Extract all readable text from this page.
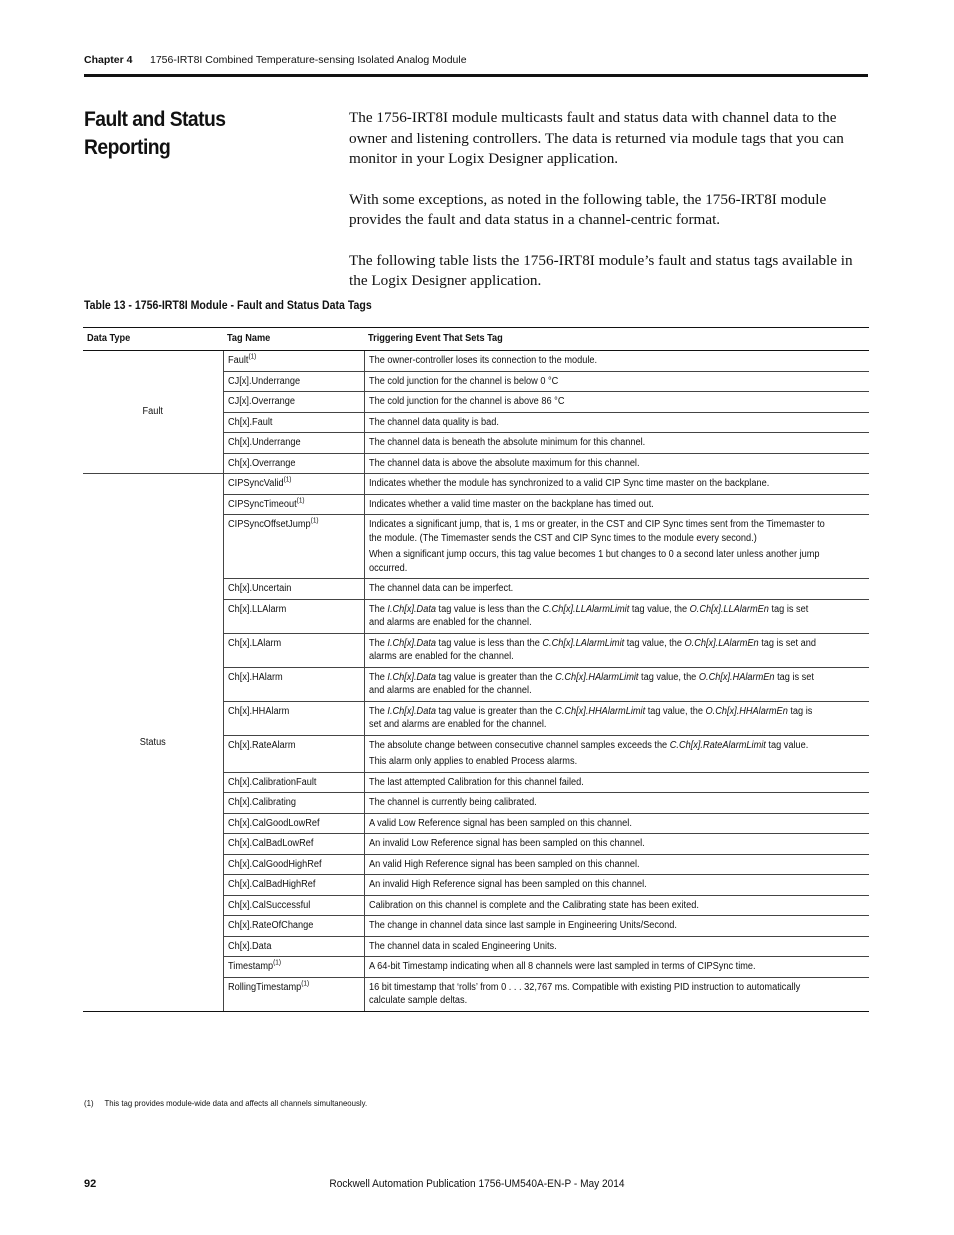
Chapter 4 1756-IRT8I Combined Temperature-sensing Isolated Analog Module
Fault and Status Reporting

The 1756-IRT8I module multicasts fault and status data with channel data to the owner and listening controllers. The data is returned via module tags that you can monitor in your Logix Designer application.

With some exceptions, as noted in the following table, the 1756-IRT8I module provides the fault and data status in a channel-centric format.

The following table lists the 1756-IRT8I module’s fault and status tags available in the Logix Designer application.

Table 13 - 1756-IRT8I Module - Fault and Status Data Tags
Data Type	Tag Name	Triggering Event That Sets Tag

Fault	Fault$^{(1)}$	The owner-controller loses its connection to the module.

	CJ[x].Underrange	The cold junction for the channel is below 0 °C

	CJ[x].Overrange	The cold junction for the channel is above 86 °C

	Ch[x].Fault	The channel data quality is bad.

	Ch[x].Underrange	The channel data is beneath the absolute minimum for this channel.

	Ch[x].Overrange	The channel data is above the absolute maximum for this channel.

Status	CIPSyncValid$^{(1)}$	Indicates whether the module has synchronized to a valid CIP Sync time master on the backplane.

	CIPSyncTimeout$^{(1)}$	Indicates whether a valid time master on the backplane has timed out.

	CIPSyncOffsetJump$^{(1)}$	Indicates a significant jump, that is, 1 ms or greater, in the CST and CIP Sync times sent from the Timemaster to the module. (The Timemaster sends the CST and CIP Sync times to the module every second.)
When a significant jump occurs, this tag value becomes 1 but changes to 0 a second later unless another jump occurred.

	Ch[x].Uncertain	The channel data can be imperfect.

	Ch[x].LLAlarm	The I.Ch[x].Data tag value is less than the C.Ch[x].LLAlarmLimit tag value, the O.Ch[x].LLAlarmEn tag is set and alarms are enabled for the channel.

	Ch[x].LAlarm	The I.Ch[x].Data tag value is less than the C.Ch[x].LAlarmLimit tag value, the O.Ch[x].LAlarmEn tag is set and alarms are enabled for the channel.

	Ch[x].HAlarm	The I.Ch[x].Data tag value is greater than the C.Ch[x].HAlarmLimit tag value, the O.Ch[x].HAlarmEn tag is set and alarms are enabled for the channel.

	Ch[x].HHAlarm	The I.Ch[x].Data tag value is greater than the C.Ch[x].HHAlarmLimit tag value, the O.Ch[x].HHAlarmEn tag is set and alarms are enabled for the channel.

	Ch[x].RateAlarm	The absolute change between consecutive channel samples exceeds the C.Ch[x].RateAlarmLimit tag value.
This alarm only applies to enabled Process alarms.

	Ch[x].CalibrationFault	The last attempted Calibration for this channel failed.

	Ch[x].Calibrating	The channel is currently being calibrated.

	Ch[x].CalGoodLowRef	A valid Low Reference signal has been sampled on this channel.

	Ch[x].CalBadLowRef	An invalid Low Reference signal has been sampled on this channel.

	Ch[x].CalGoodHighRef	An valid High Reference signal has been sampled on this channel.

	Ch[x].CalBadHighRef	An invalid High Reference signal has been sampled on this channel.

	Ch[x].CalSuccessful	Calibration on this channel is complete and the Calibrating state has been exited.

	Ch[x].RateOfChange	The change in channel data since last sample in Engineering Units/Second.

	Ch[x].Data	The channel data in scaled Engineering Units.

	Timestamp$^{(1)}$	A 64-bit Timestamp indicating when all 8 channels were last sampled in terms of CIPSync time.

	RollingTimestamp$^{(1)}$	16 bit timestamp that ‘rolls’ from 0 . . . 32,767 ms. Compatible with existing PID instruction to automatically calculate sample deltas.
(1) This tag provides module-wide data and affects all channels simultaneously.
92	Rockwell Automation Publication 1756-UM540A-EN-P - May 2014
